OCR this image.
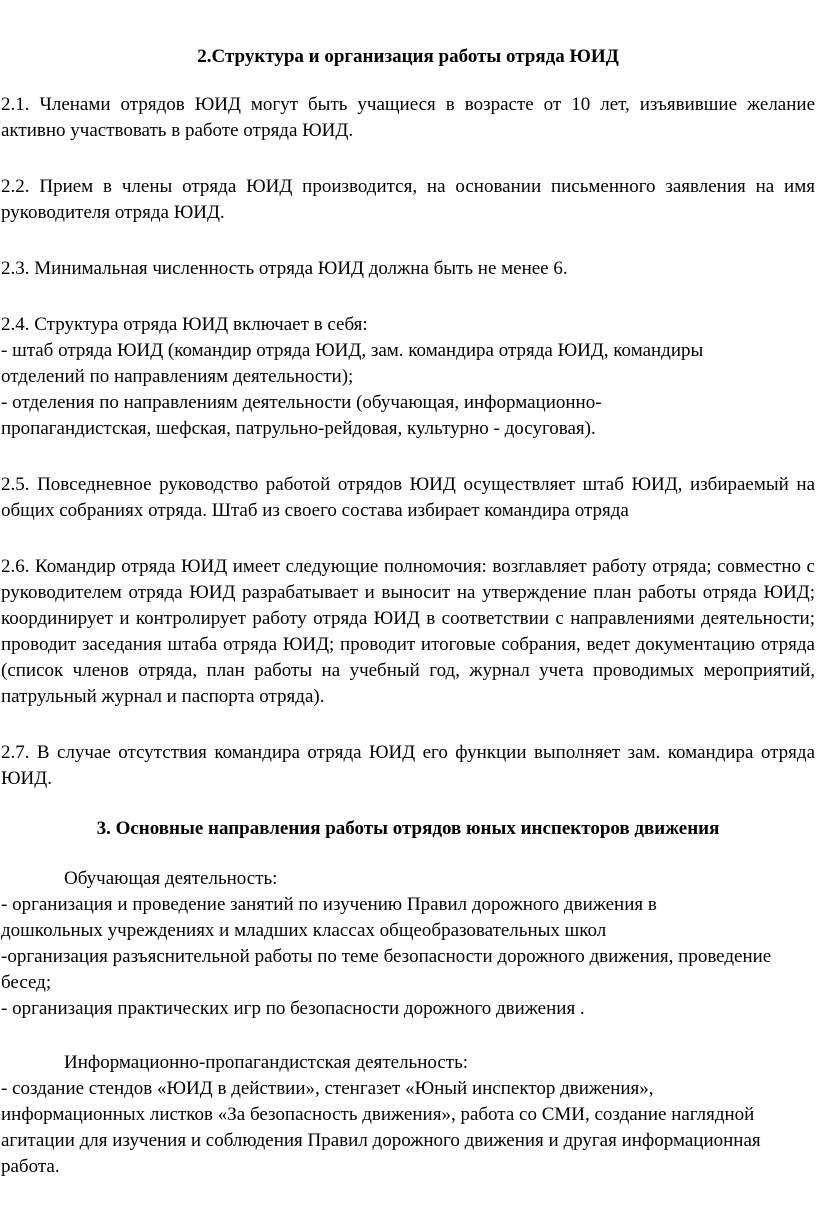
2.Структура и организация работы отряда ЮИД

2.1. Членами отрядов ЮИД могут быть учащиеся в возрасте от 10 лет, изъявившие желание активно участвовать в работе отряда ЮИД.

2.2. Прием в члены отряда ЮИД производится, на основании письменного заявления на имя руководителя отряда ЮИД.

2.3. Минимальная численность отряда ЮИД должна быть не менее 6.

2.4. Структура отряда ЮИД включает в себя:

- штаб отряда ЮИД (командир отряда ЮИД, зам. командира отряда ЮИД, командиры отделений по направлениям деятельности);

- отделения по направлениям деятельности (обучающая, информационно-пропагандистская, шефская, патрульно-рейдовая, культурно - досуговая).

2.5. Повседневное руководство работой отрядов ЮИД осуществляет штаб ЮИД, избираемый на общих собраниях отряда. Штаб из своего состава избирает командира отряда

2.6. Командир отряда ЮИД имеет следующие полномочия: возглавляет работу отряда; совместно с руководителем отряда ЮИД разрабатывает и выносит на утверждение план работы отряда ЮИД; координирует и контролирует работу отряда ЮИД в соответствии с направлениями деятельности; проводит заседания штаба отряда ЮИД; проводит итоговые собрания, ведет документацию отряда (список членов отряда, план работы на учебный год, журнал учета проводимых мероприятий, патрульный журнал и паспорта отряда).

2.7. В случае отсутствия командира отряда ЮИД его функции выполняет зам. командира отряда ЮИД.

3. Основные направления работы отрядов юных инспекторов движения

Обучающая деятельность:

- организация и проведение занятий по изучению Правил дорожного движения в дошкольных учреждениях и младших классах общеобразовательных школ

-организация разъяснительной работы по теме безопасности дорожного движения, проведение бесед;

- организация практических игр по безопасности дорожного движения .

Информационно-пропагандистская деятельность:

- создание стендов «ЮИД в действии», стенгазет «Юный инспектор движения», информационных листков «За безопасность движения», работа со СМИ, создание наглядной агитации для изучения и соблюдения Правил дорожного движения и другая информационная работа.
